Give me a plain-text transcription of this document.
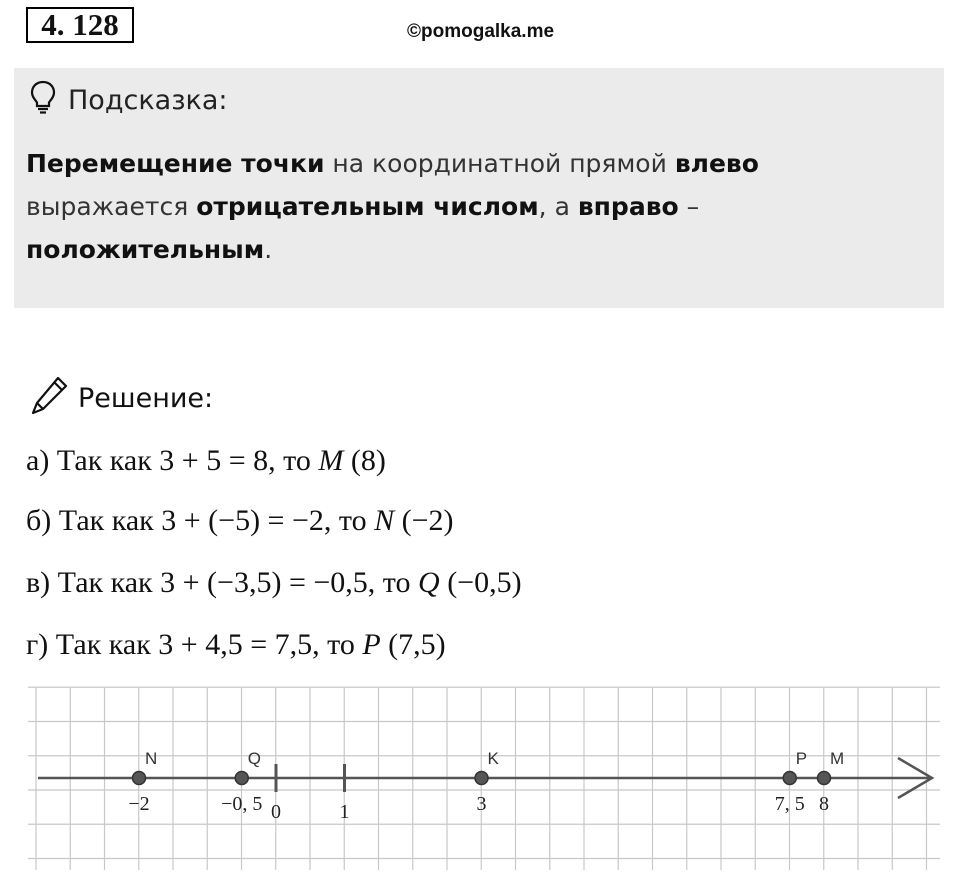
4. 128	©pomogalka.me
Подсказка:
Перемещение точки на координатной прямой влево выражается отрицательным числом, а вправо – положительным.
Решение:
а) Так как 3 + 5 = 8, то M (8)
б) Так как 3 + (−5) = −2, то N (−2)
в) Так как 3 + (−3,5) = −0,5, то Q (−0,5)
г) Так как 3 + 4,5 = 7,5, то P (7,5)
0	1
N
−2
Q
−0, 5
K
3
P
7, 5
M
8
